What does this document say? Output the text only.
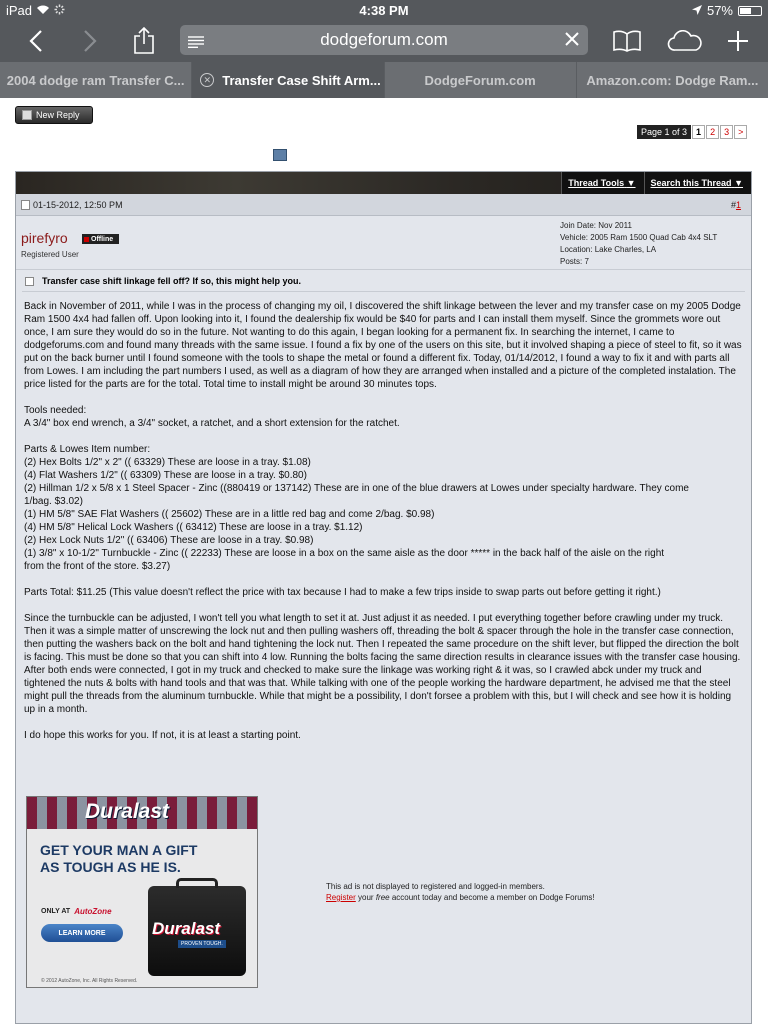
iPad	4:38 PM	57%
dodgeforum.com
2004 dodge ram Transfer C...	✕ Transfer Case Shift Arm...	DodgeForum.com	Amazon.com: Dodge Ram...
New Reply
Page 1 of 3	1	2	3	>
Thread Tools ▼	Search this Thread ▼
01-15-2012, 12:50 PM	#1
pirefyro	Offline
Registered User
Join Date: Nov 2011
Vehicle: 2005 Ram 1500 Quad Cab 4x4 SLT
Location: Lake Charles, LA
Posts: 7
Transfer case shift linkage fell off? If so, this might help you.

Back in November of 2011, while I was in the process of changing my oil, I discovered the shift linkage between the lever and my transfer case on my 2005 Dodge Ram 1500 4x4 had fallen off. Upon looking into it, I found the dealership fix would be $40 for parts and I can install them myself. Since the grommets wore out once, I am sure they would do so in the future. Not wanting to do this again, I began looking for a permanent fix. In searching the internet, I came to dodgeforums.com and found many threads with the same issue. I found a fix by one of the users on this site, but it involved shaping a piece of steel to fit, so it was put on the back burner until I found someone with the tools to shape the metal or found a different fix. Today, 01/14/2012, I found a way to fix it and with parts all from Lowes. I am including the part numbers I used, as well as a diagram of how they are arranged when installed and a picture of the completed instalation. The price listed for the parts are for the total. Total time to install might be around 30 minutes tops.

Tools needed:
A 3/4" box end wrench, a 3/4" socket, a ratchet, and a short extension for the ratchet.

Parts & Lowes Item number:
(2) Hex Bolts 1/2" x 2" (( 63329) These are loose in a tray. $1.08)
(4) Flat Washers 1/2" (( 63309) These are loose in a tray. $0.80)
(2) Hillman 1/2 x 5/8 x 1 Steel Spacer - Zinc ((880419 or 137142) These are in one of the blue drawers at Lowes under specialty hardware. They come
1/bag. $3.02)
(1) HM 5/8" SAE Flat Washers (( 25602) These are in a little red bag and come 2/bag. $0.98)
(4) HM 5/8" Helical Lock Washers (( 63412) These are loose in a tray. $1.12)
(2) Hex Lock Nuts 1/2" (( 63406) These are loose in a tray. $0.98)
(1) 3/8" x 10-1/2" Turnbuckle - Zinc (( 22233) These are loose in a box on the same aisle as the door ***** in the back half of the aisle on the right
from the front of the store. $3.27)

Parts Total: $11.25 (This value doesn't reflect the price with tax because I had to make a few trips inside to swap parts out before getting it right.)

Since the turnbuckle can be adjusted, I won't tell you what length to set it at. Just adjust it as needed. I put everything together before crawling under my truck. Then it was a simple matter of unscrewing the lock nut and then pulling washers off, threading the bolt & spacer through the hole in the transfer case connection, then putting the washers back on the bolt and hand tightening the lock nut. Then I repeated the same procedure on the shift lever, but flipped the direction the bolt is facing. This must be done so that you can shift into 4 low. Running the bolts facing the same direction results in clearance issues with the transfer case housing. After both ends were connected, I got in my truck and checked to make sure the linkage was working right & it was, so I crawled abck under my truck and tightened the nuts & bolts with hand tools and that was that. While talking with one of the people working the hardware department, he advised me that the steel might pull the threads from the aluminum turnbuckle. While that might be a possibility, I don't forsee a problem with this, but I will check and see how it is holding up in a month.

I do hope this works for you. If not, it is at least a starting point.

Duralast
GET YOUR MAN A GIFT AS TOUGH AS HE IS.
ONLY AT AutoZone
LEARN MORE	Duralast
PROVEN TOUGH.
© 2012 AutoZone, Inc. All Rights Reserved.
This ad is not displayed to registered and logged-in members.
Register your free account today and become a member on Dodge Forums!
